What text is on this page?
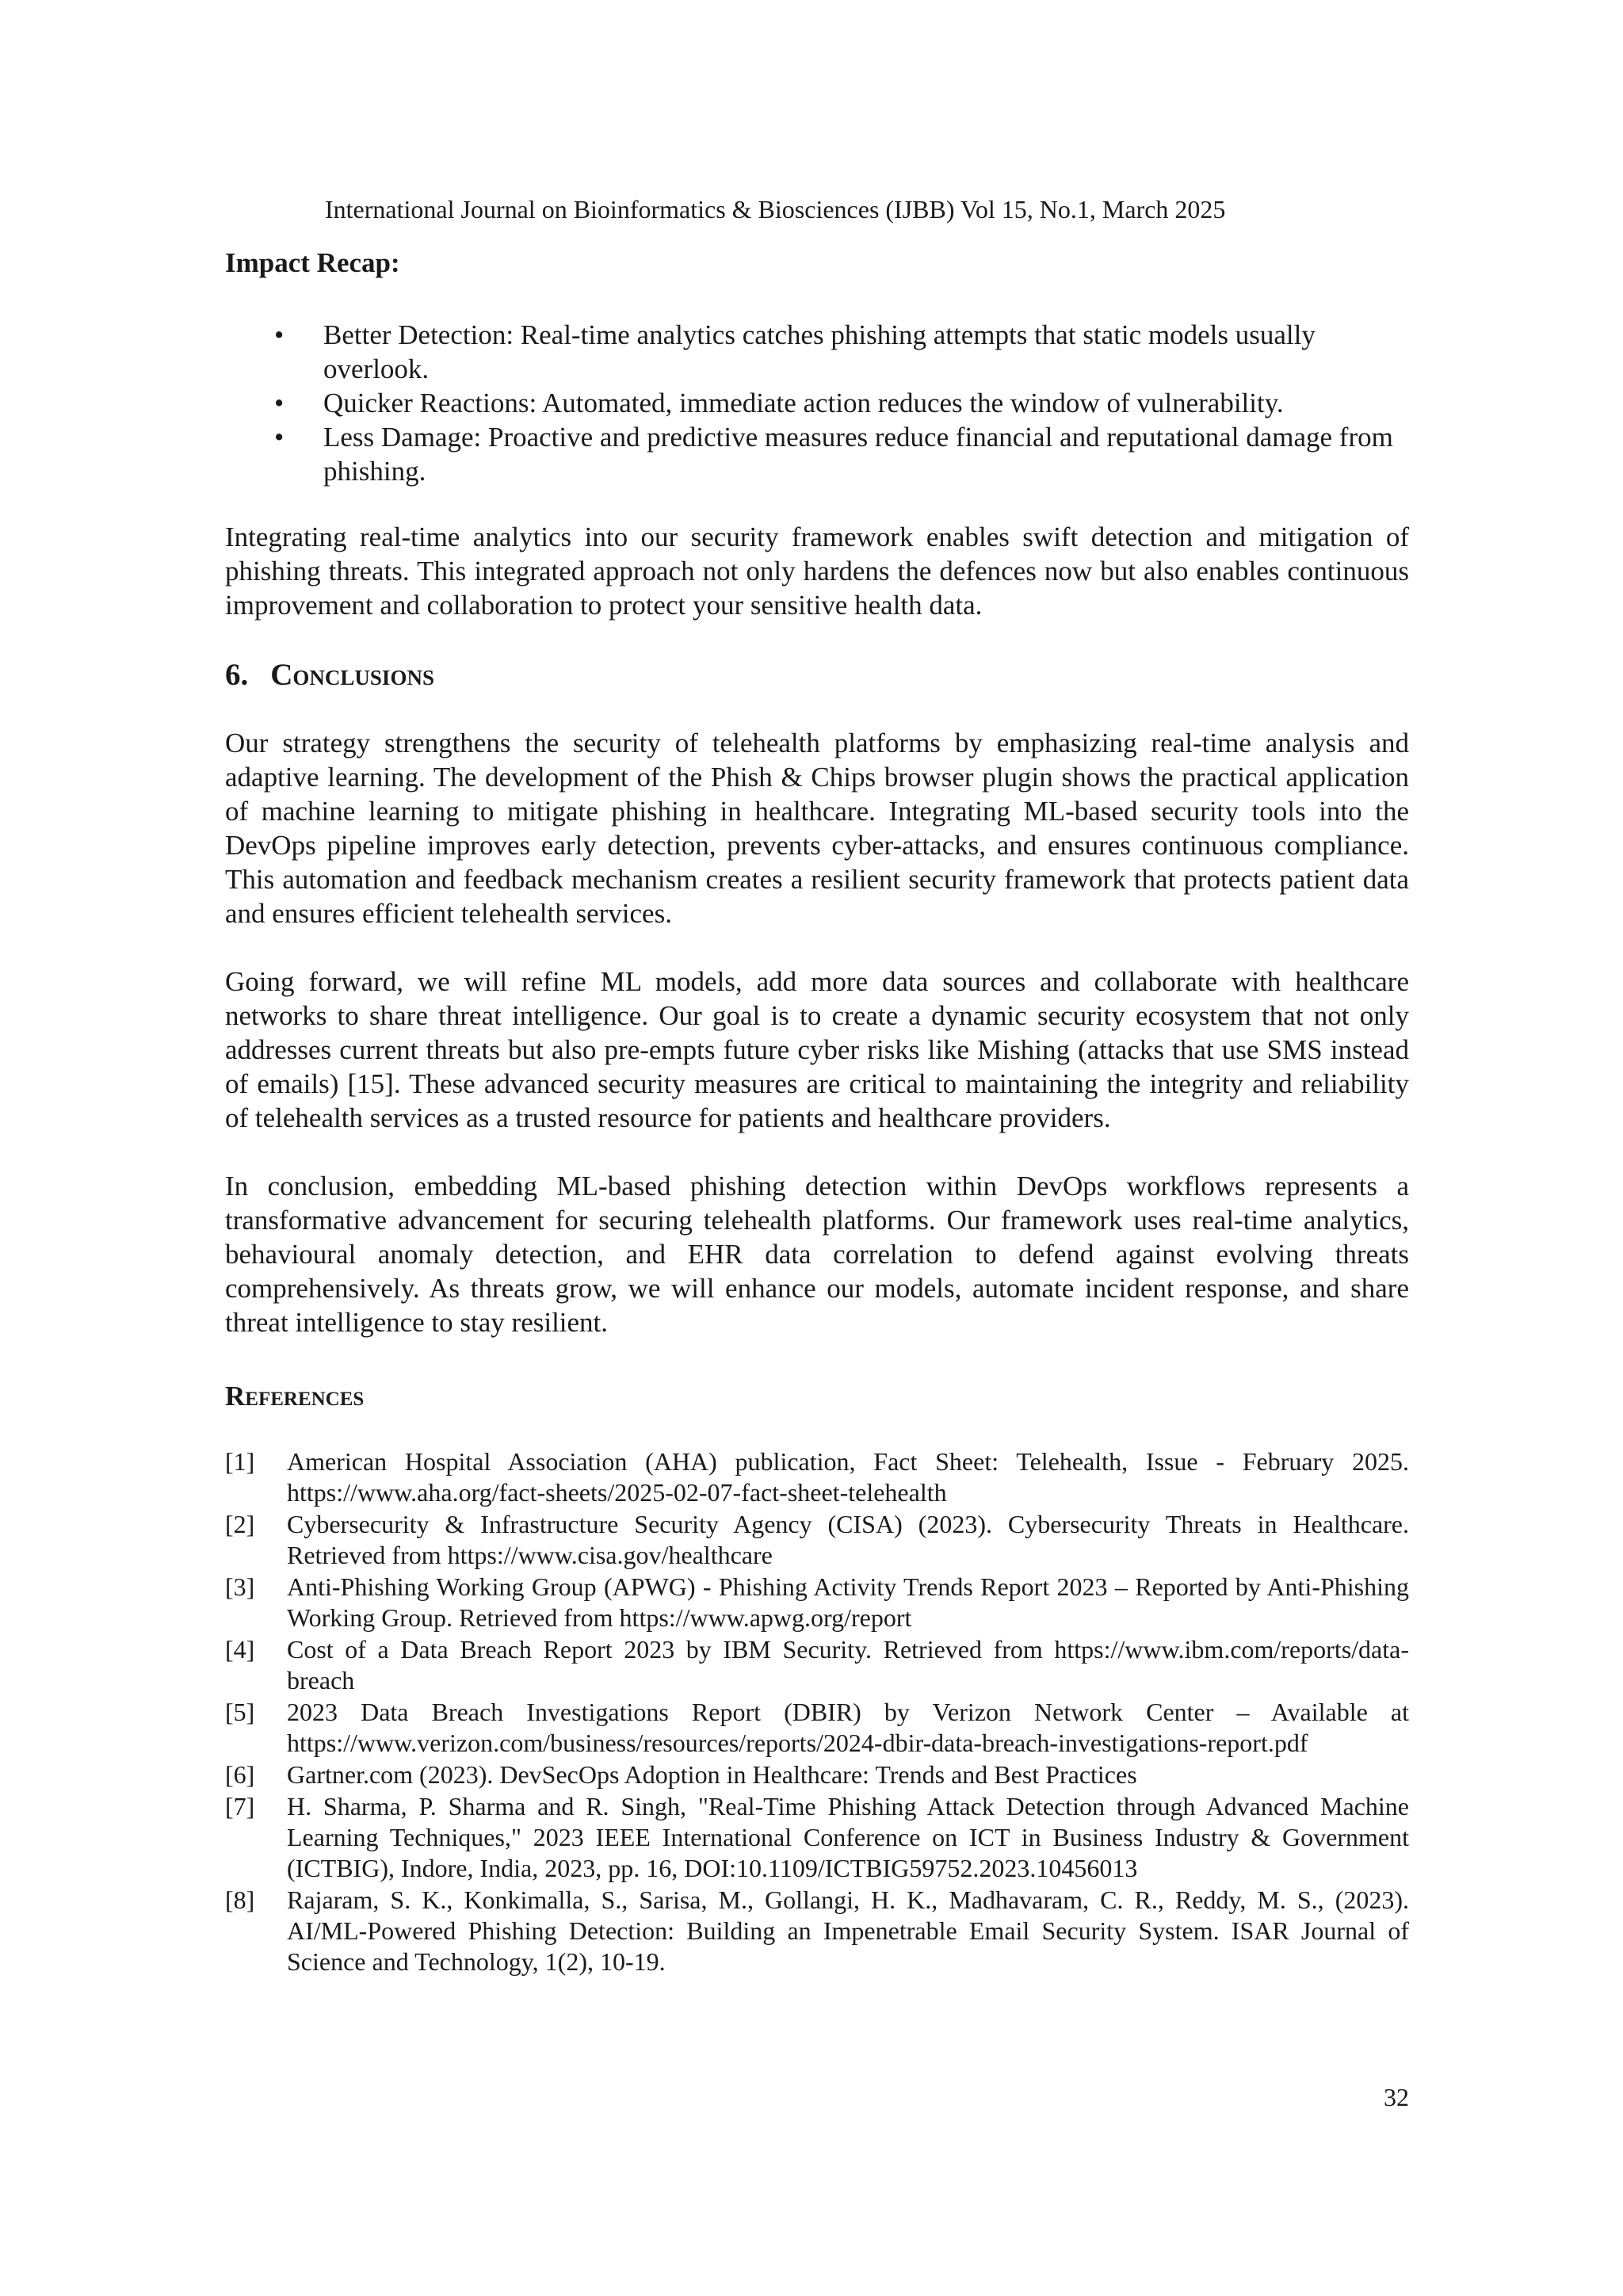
International Journal on Bioinformatics & Biosciences (IJBB) Vol 15, No.1, March 2025
Impact Recap:
• Better Detection: Real-time analytics catches phishing attempts that static models usually overlook.
• Quicker Reactions: Automated, immediate action reduces the window of vulnerability.
• Less Damage: Proactive and predictive measures reduce financial and reputational damage from phishing.

Integrating real-time analytics into our security framework enables swift detection and mitigation of phishing threats. This integrated approach not only hardens the defences now but also enables continuous improvement and collaboration to protect your sensitive health data.

6. Conclusions

Our strategy strengthens the security of telehealth platforms by emphasizing real-time analysis and adaptive learning. The development of the Phish & Chips browser plugin shows the practical application of machine learning to mitigate phishing in healthcare. Integrating ML-based security tools into the DevOps pipeline improves early detection, prevents cyber-attacks, and ensures continuous compliance. This automation and feedback mechanism creates a resilient security framework that protects patient data and ensures efficient telehealth services.

Going forward, we will refine ML models, add more data sources and collaborate with healthcare networks to share threat intelligence. Our goal is to create a dynamic security ecosystem that not only addresses current threats but also pre-empts future cyber risks like Mishing (attacks that use SMS instead of emails) [15]. These advanced security measures are critical to maintaining the integrity and reliability of telehealth services as a trusted resource for patients and healthcare providers.

In conclusion, embedding ML-based phishing detection within DevOps workflows represents a transformative advancement for securing telehealth platforms. Our framework uses real-time analytics, behavioural anomaly detection, and EHR data correlation to defend against evolving threats comprehensively. As threats grow, we will enhance our models, automate incident response, and share threat intelligence to stay resilient.

References
[1]	American Hospital Association (AHA) publication, Fact Sheet: Telehealth, Issue - February 2025. https://www.aha.org/fact-sheets/2025-02-07-fact-sheet-telehealth
[2]	Cybersecurity & Infrastructure Security Agency (CISA) (2023). Cybersecurity Threats in Healthcare. Retrieved from https://www.cisa.gov/healthcare
[3]	Anti-Phishing Working Group (APWG) - Phishing Activity Trends Report 2023 – Reported by Anti-Phishing Working Group. Retrieved from https://www.apwg.org/report
[4]	Cost of a Data Breach Report 2023 by IBM Security. Retrieved from https://www.ibm.com/reports/data-breach
[5]	2023 Data Breach Investigations Report (DBIR) by Verizon Network Center – Available at https://www.verizon.com/business/resources/reports/2024-dbir-data-breach-investigations-report.pdf
[6]	Gartner.com (2023). DevSecOps Adoption in Healthcare: Trends and Best Practices
[7]	H. Sharma, P. Sharma and R. Singh, "Real-Time Phishing Attack Detection through Advanced Machine Learning Techniques," 2023 IEEE International Conference on ICT in Business Industry & Government (ICTBIG), Indore, India, 2023, pp. 16, DOI:10.1109/ICTBIG59752.2023.10456013
[8]	Rajaram, S. K., Konkimalla, S., Sarisa, M., Gollangi, H. K., Madhavaram, C. R., Reddy, M. S., (2023). AI/ML-Powered Phishing Detection: Building an Impenetrable Email Security System. ISAR Journal of Science and Technology, 1(2), 10-19.
32
